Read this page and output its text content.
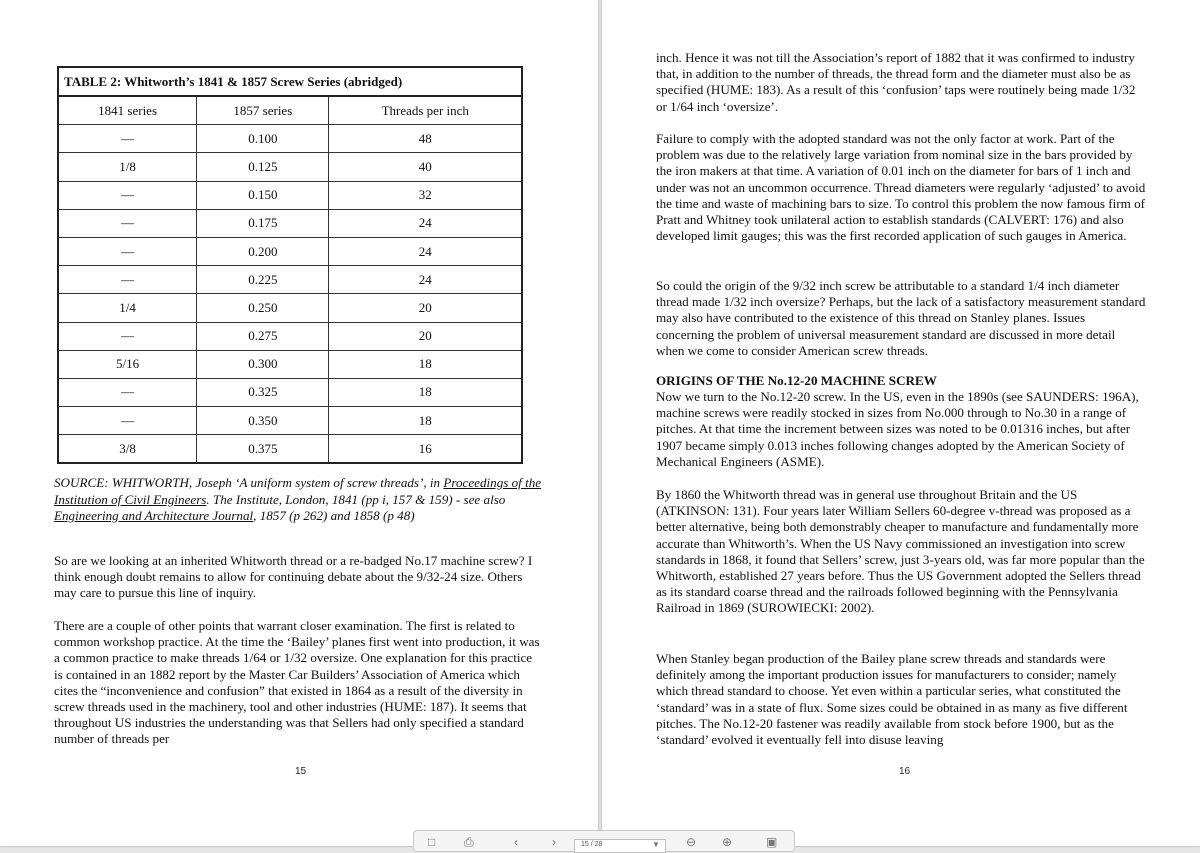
TABLE 2: Whitworth’s 1841 & 1857 Screw Series (abridged)		
1841 series	1857 series	Threads per inch
—	0.100	48
1/8	0.125	40
—	0.150	32
—	0.175	24
—	0.200	24
—	0.225	24
1/4	0.250	20
—	0.275	20
5/16	0.300	18
—	0.325	18
—	0.350	18
3/8	0.375	16
SOURCE: WHITWORTH, Joseph ‘A uniform system of screw threads’, in Proceedings of the Institution of Civil Engineers. The Institute, London, 1841 (pp i, 157 & 159) - see also Engineering and Architecture Journal, 1857 (p 262) and 1858 (p 48)

So are we looking at an inherited Whitworth thread or a re-badged No.17 machine screw? I think enough doubt remains to allow for continuing debate about the 9/32-24 size. Others may care to pursue this line of inquiry.

There are a couple of other points that warrant closer examination. The first is related to common workshop practice. At the time the ‘Bailey’ planes first went into production, it was a common practice to make threads 1/64 or 1/32 oversize. One explanation for this practice is contained in an 1882 report by the Master Car Builders’ Association of America which cites the “inconvenience and confusion” that existed in 1864 as a result of the diversity in screw threads used in the machinery, tool and other industries (HUME: 187). It seems that throughout US industries the understanding was that Sellers had only specified a standard number of threads per

15

inch. Hence it was not till the Association’s report of 1882 that it was confirmed to industry that, in addition to the number of threads, the thread form and the diameter must also be as specified (HUME: 183). As a result of this ‘confusion’ taps were routinely being made 1/32 or 1/64 inch ‘oversize’.

Failure to comply with the adopted standard was not the only factor at work. Part of the problem was due to the relatively large variation from nominal size in the bars provided by the iron makers at that time. A variation of 0.01 inch on the diameter for bars of 1 inch and under was not an uncommon occurrence. Thread diameters were regularly ‘adjusted’ to avoid the time and waste of machining bars to size. To control this problem the now famous firm of Pratt and Whitney took unilateral action to establish standards (CALVERT: 176) and also developed limit gauges; this was the first recorded application of such gauges in America.

So could the origin of the 9/32 inch screw be attributable to a standard 1/4 inch diameter thread made 1/32 inch oversize? Perhaps, but the lack of a satisfactory measurement standard may also have contributed to the existence of this thread on Stanley planes. Issues concerning the problem of universal measurement standard are discussed in more detail when we come to consider American screw threads.

ORIGINS OF THE No.12-20 MACHINE SCREW

Now we turn to the No.12-20 screw. In the US, even in the 1890s (see SAUNDERS: 196A), machine screws were readily stocked in sizes from No.000 through to No.30 in a range of pitches. At that time the increment between sizes was noted to be 0.01316 inches, but after 1907 became simply 0.013 inches following changes adopted by the American Society of Mechanical Engineers (ASME).

By 1860 the Whitworth thread was in general use throughout Britain and the US (ATKINSON: 131). Four years later William Sellers 60-degree v-thread was proposed as a better alternative, being both demonstrably cheaper to manufacture and fundamentally more accurate than Whitworth’s. When the US Navy commissioned an investigation into screw standards in 1868, it found that Sellers’ screw, just 3-years old, was far more popular than the Whitworth, established 27 years before. Thus the US Government adopted the Sellers thread as its standard coarse thread and the railroads followed beginning with the Pennsylvania Railroad in 1869 (SUROWIECKI: 2002).

When Stanley began production of the Bailey plane screw threads and standards were definitely among the important production issues for manufacturers to consider; namely which thread standard to choose. Yet even within a particular series, what constituted the ‘standard’ was in a state of flux. Some sizes could be obtained in as many as five different pitches. The No.12-20 fastener was readily available from stock before 1900, but as the ‘standard’ evolved it eventually fell into disuse leaving

16
□ ⎙	‹	›	15 / 28	▼ ⊖ ⊕	▣
